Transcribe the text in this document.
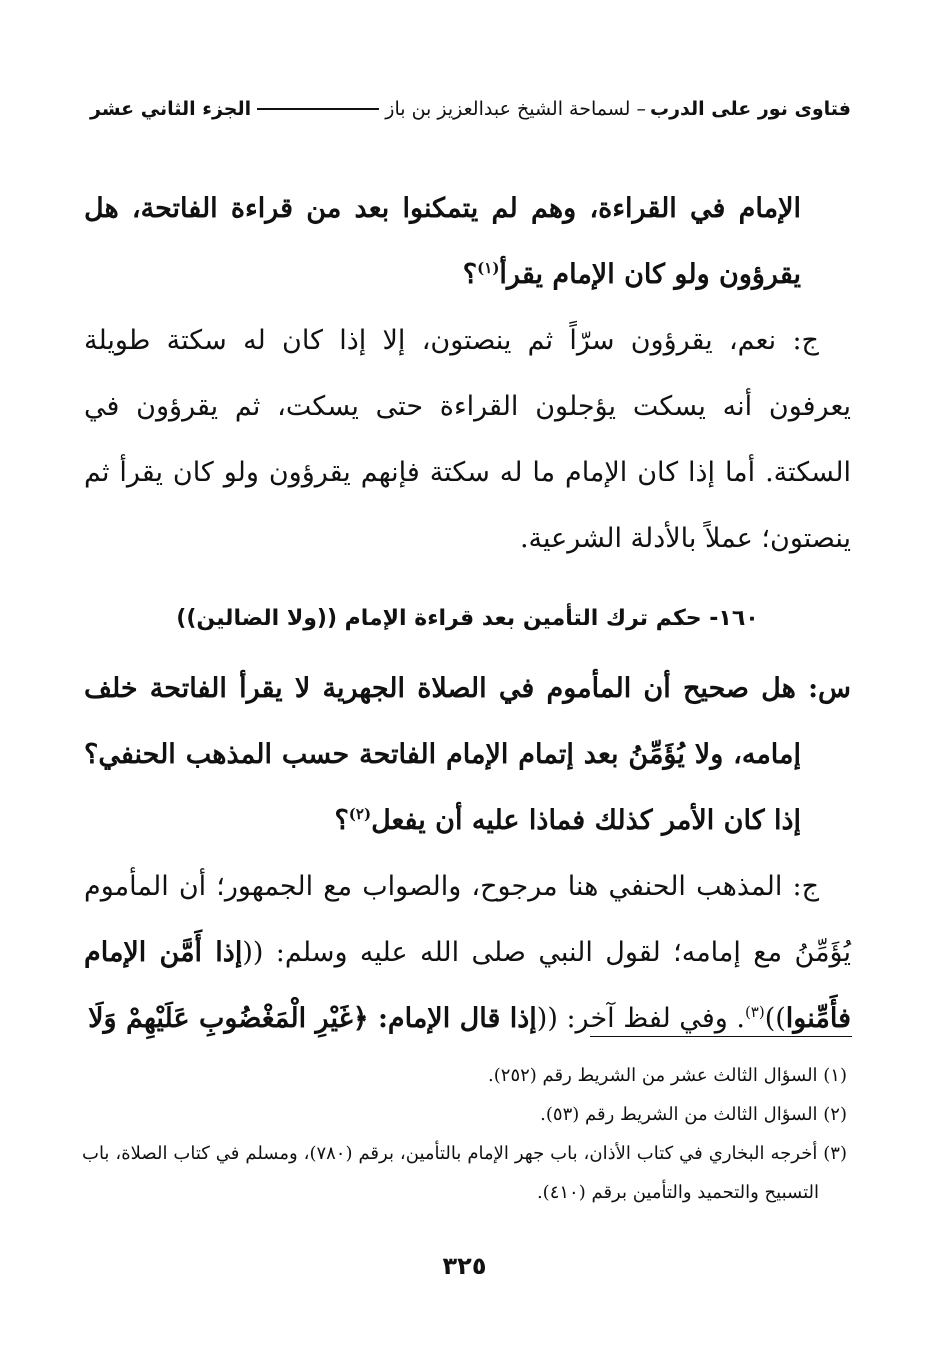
فتاوى نور على الدرب
– لسماحة الشيخ عبدالعزيز بن باز
الجزء الثاني عشر

الإمام في القراءة، وهم لم يتمكنوا بعد من قراءة الفاتحة، هل يقرؤون ولو كان الإمام يقرأ$^{(١)}$؟

ج: نعم، يقرؤون سرّاً ثم ينصتون، إلا إذا كان له سكتة طويلة يعرفون أنه يسكت يؤجلون القراءة حتى يسكت، ثم يقرؤون في السكتة. أما إذا كان الإمام ما له سكتة فإنهم يقرؤون ولو كان يقرأ ثم ينصتون؛ عملاً بالأدلة الشرعية.

١٦٠- حكم ترك التأمين بعد قراءة الإمام ((ولا الضالين))

س: هل صحيح أن المأموم في الصلاة الجهرية لا يقرأ الفاتحة خلف إمامه، ولا يُؤَمِّنُ بعد إتمام الإمام الفاتحة حسب المذهب الحنفي؟ إذا كان الأمر كذلك فماذا عليه أن يفعل$^{(٢)}$؟

ج: المذهب الحنفي هنا مرجوح، والصواب مع الجمهور؛ أن المأموم يُؤَمِّنُ مع إمامه؛ لقول النبي صلى الله عليه وسلم: ((إذا أَمَّن الإمام فأَمِّنوا))$^{(٣)}$. وفي لفظ آخر: ((إذا قال الإمام: ﴿غَيْرِ الْمَغْضُوبِ عَلَيْهِمْ وَلَا

(١) السؤال الثالث عشر من الشريط رقم (٢٥٢).

(٢) السؤال الثالث من الشريط رقم (٥٣).

(٣) أخرجه البخاري في كتاب الأذان، باب جهر الإمام بالتأمين، برقم (٧٨٠)، ومسلم في كتاب الصلاة، باب التسبيح والتحميد والتأمين برقم (٤١٠).

٣٢٥
